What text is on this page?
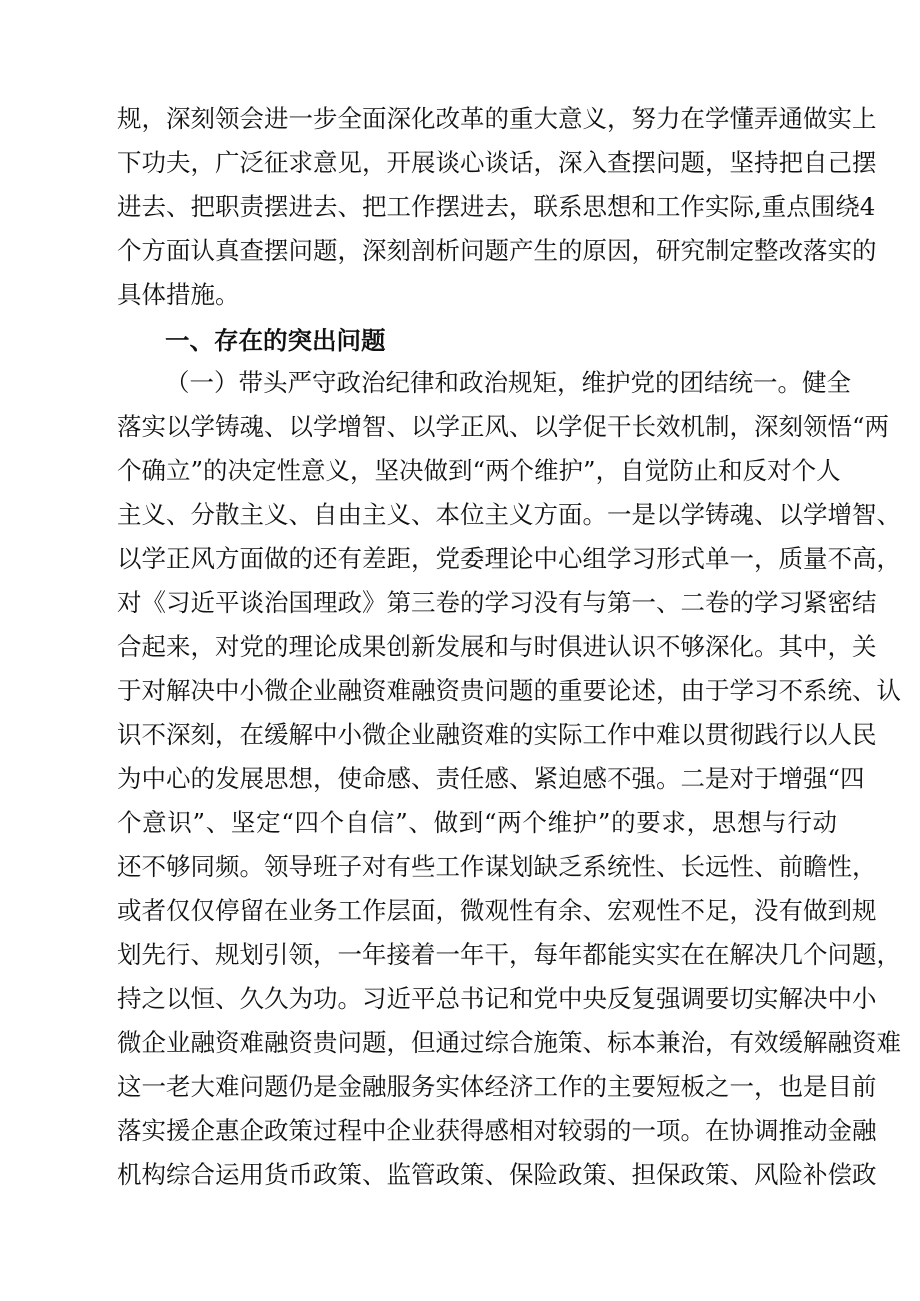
规，深刻领会进一步全面深化改革的重大意义，努力在学懂弄通做实上
下功夫，广泛征求意见，开展谈心谈话，深入查摆问题，坚持把自己摆
进去、把职责摆进去、把工作摆进去，联系思想和工作实际,重点围绕4
个方面认真查摆问题，深刻剖析问题产生的原因，研究制定整改落实的
具体措施。
一、存在的突出问题
（一）带头严守政治纪律和政治规矩，维护党的团结统一。健全
落实以学铸魂、以学增智、以学正风、以学促干长效机制，深刻领悟“两
个确立”的决定性意义，坚决做到“两个维护”，自觉防止和反对个人
主义、分散主义、自由主义、本位主义方面。一是以学铸魂、以学增智、
以学正风方面做的还有差距，党委理论中心组学习形式单一，质量不高，
对《习近平谈治国理政》第三卷的学习没有与第一、二卷的学习紧密结
合起来，对党的理论成果创新发展和与时俱进认识不够深化。其中，关
于对解决中小微企业融资难融资贵问题的重要论述，由于学习不系统、认
识不深刻，在缓解中小微企业融资难的实际工作中难以贯彻践行以人民
为中心的发展思想，使命感、责任感、紧迫感不强。二是对于增强“四
个意识”、坚定“四个自信”、做到“两个维护”的要求，思想与行动
还不够同频。领导班子对有些工作谋划缺乏系统性、长远性、前瞻性，
或者仅仅停留在业务工作层面，微观性有余、宏观性不足，没有做到规
划先行、规划引领，一年接着一年干，每年都能实实在在解决几个问题，
持之以恒、久久为功。习近平总书记和党中央反复强调要切实解决中小
微企业融资难融资贵问题，但通过综合施策、标本兼治，有效缓解融资难
这一老大难问题仍是金融服务实体经济工作的主要短板之一，也是目前
落实援企惠企政策过程中企业获得感相对较弱的一项。在协调推动金融
机构综合运用货币政策、监管政策、保险政策、担保政策、风险补偿政
